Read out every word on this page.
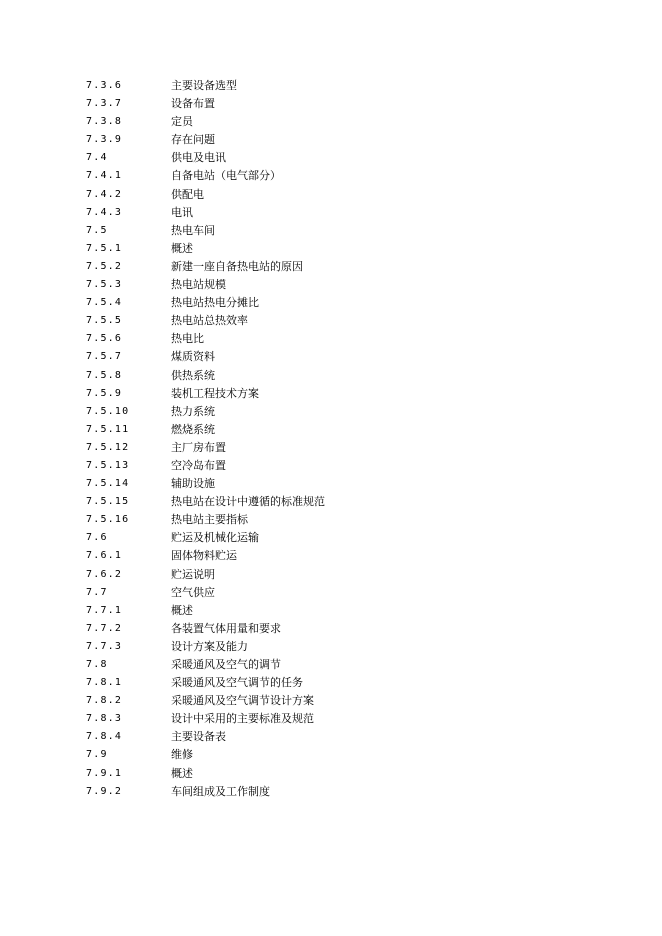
7.3.6	主要设备选型
7.3.7	设备布置
7.3.8	定员
7.3.9	存在问题
7.4	供电及电讯
7.4.1	自备电站（电气部分）
7.4.2	供配电
7.4.3	电讯
7.5	热电车间
7.5.1	概述
7.5.2	新建一座自备热电站的原因
7.5.3	热电站规模
7.5.4	热电站热电分摊比
7.5.5	热电站总热效率
7.5.6	热电比
7.5.7	煤质资料
7.5.8	供热系统
7.5.9	装机工程技术方案
7.5.10	热力系统
7.5.11	燃烧系统
7.5.12	主厂房布置
7.5.13	空冷岛布置
7.5.14	辅助设施
7.5.15	热电站在设计中遵循的标准规范
7.5.16	热电站主要指标
7.6	贮运及机械化运输
7.6.1	固体物料贮运
7.6.2	贮运说明
7.7	空气供应
7.7.1	概述
7.7.2	各装置气体用量和要求
7.7.3	设计方案及能力
7.8	采暖通风及空气的调节
7.8.1	采暖通风及空气调节的任务
7.8.2	采暖通风及空气调节设计方案
7.8.3	设计中采用的主要标准及规范
7.8.4	主要设备表
7.9	维修
7.9.1	概述
7.9.2	车间组成及工作制度
